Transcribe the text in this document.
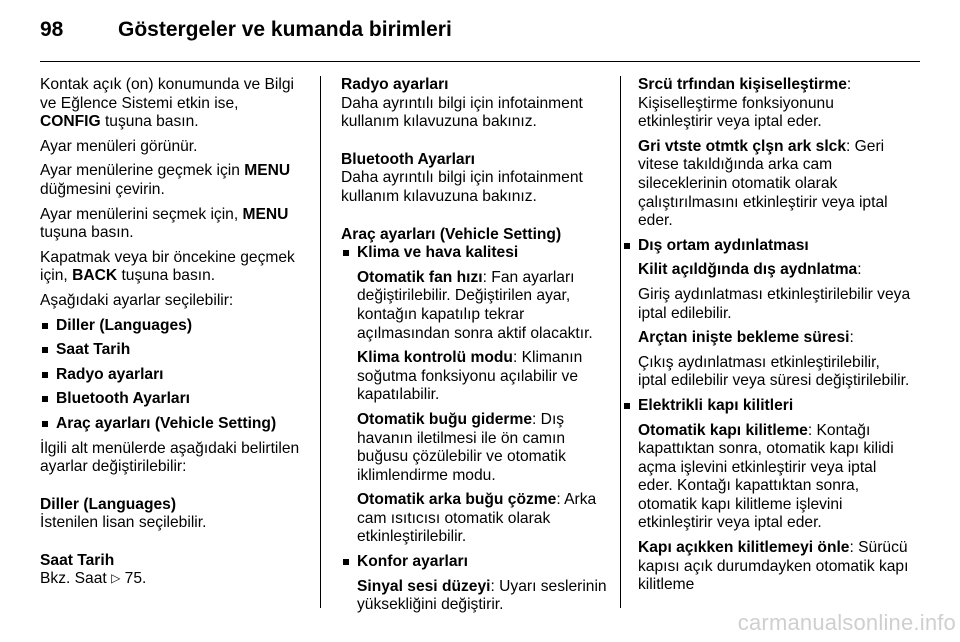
98	Göstergeler ve kumanda birimleri

Kontak açık (on) konumunda ve Bilgi ve Eğlence Sistemi etkin ise,
CONFIG tuşuna basın.

Ayar menüleri görünür.

Ayar menülerine geçmek için MENU düğmesini çevirin.

Ayar menülerini seçmek için, MENU tuşuna basın.

Kapatmak veya bir öncekine geçmek için, BACK tuşuna basın.

Aşağıdaki ayarlar seçilebilir:

Diller (Languages)
Saat Tarih
Radyo ayarları
Bluetooth Ayarları
Araç ayarları (Vehicle Setting)

İlgili alt menülerde aşağıdaki belirtilen ayarlar değiştirilebilir:

Diller (Languages)

İstenilen lisan seçilebilir.

Saat Tarih

Bkz. Saat ▷ 75.

Radyo ayarları

Daha ayrıntılı bilgi için infotainment kullanım kılavuzuna bakınız.

Bluetooth Ayarları

Daha ayrıntılı bilgi için infotainment kullanım kılavuzuna bakınız.

Araç ayarları (Vehicle Setting)

Klima ve hava kalitesi

Otomatik fan hızı: Fan ayarları değiştirilebilir. Değiştirilen ayar, kontağın kapatılıp tekrar açılmasından sonra aktif olacaktır.

Klima kontrolü modu: Klimanın soğutma fonksiyonu açılabilir ve kapatılabilir.

Otomatik buğu giderme: Dış havanın iletilmesi ile ön camın buğusu çözülebilir ve otomatik iklimlendirme modu.

Otomatik arka buğu çözme: Arka cam ısıtıcısı otomatik olarak etkinleştirilebilir.

Konfor ayarları

Sinyal sesi düzeyi: Uyarı seslerinin yüksekliğini değiştirir.

Srcü trfından kişiselleştirme: Kişiselleştirme fonksiyonunu etkinleştirir veya iptal eder.

Gri vtste otmtk çlşn ark slck: Geri vitese takıldığında arka cam sileceklerinin otomatik olarak çalıştırılmasını etkinleştirir veya iptal eder.

Dış ortam aydınlatması

Kilit açıldğında dış aydnlatma:

Giriş aydınlatması etkinleştirilebilir veya iptal edilebilir.

Arçtan inişte bekleme süresi:

Çıkış aydınlatması etkinleştirilebilir, iptal edilebilir veya süresi değiştirilebilir.

Elektrikli kapı kilitleri

Otomatik kapı kilitleme: Kontağı kapattıktan sonra, otomatik kapı kilidi açma işlevini etkinleştirir veya iptal eder. Kontağı kapattıktan sonra, otomatik kapı kilitleme işlevini etkinleştirir veya iptal eder.

Kapı açıkken kilitlemeyi önle: Sürücü kapısı açık durumdayken otomatik kapı kilitleme

carmanualsonline.info
